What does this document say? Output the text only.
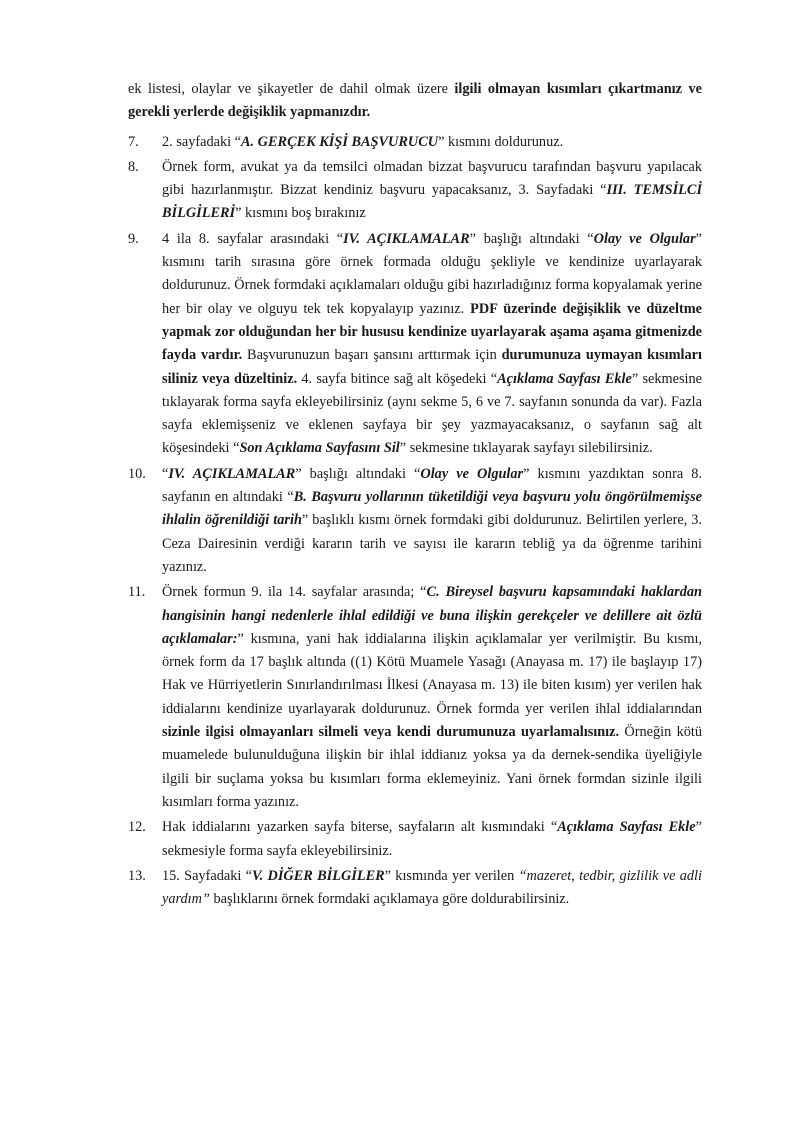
ek listesi, olaylar ve şikayetler de dahil olmak üzere ilgili olmayan kısımları çıkartmanız ve gerekli yerlerde değişiklik yapmanızdır.

7.	2. sayfadaki “A. GERÇEK KİŞİ BAŞVURUCU” kısmını doldurunuz.
8.	Örnek form, avukat ya da temsilci olmadan bizzat başvurucu tarafından başvuru yapılacak gibi hazırlanmıştır. Bizzat kendiniz başvuru yapacaksanız, 3. Sayfadaki “III. TEMSİLCİ BİLGİLERİ” kısmını boş bırakınız
9.	4 ila 8. sayfalar arasındaki “IV. AÇIKLAMALAR” başlığı altındaki “Olay ve Olgular” kısmını tarih sırasına göre örnek formada olduğu şekliyle ve kendinize uyarlayarak doldurunuz. Örnek formdaki açıklamaları olduğu gibi hazırladığınız forma kopyalamak yerine her bir olay ve olguyu tek tek kopyalayıp yazınız. PDF üzerinde değişiklik ve düzeltme yapmak zor olduğundan her bir hususu kendinize uyarlayarak aşama aşama gitmenizde fayda vardır. Başvurunuzun başarı şansını arttırmak için durumunuza uymayan kısımları siliniz veya düzeltiniz. 4. sayfa bitince sağ alt köşedeki “Açıklama Sayfası Ekle” sekmesine tıklayarak forma sayfa ekleyebilirsiniz (aynı sekme 5, 6 ve 7. sayfanın sonunda da var). Fazla sayfa eklemişseniz ve eklenen sayfaya bir şey yazmayacaksanız, o sayfanın sağ alt köşesindeki “Son Açıklama Sayfasını Sil” sekmesine tıklayarak sayfayı silebilirsiniz.
10.	“IV. AÇIKLAMALAR” başlığı altındaki “Olay ve Olgular” kısmını yazdıktan sonra 8. sayfanın en altındaki “B. Başvuru yollarının tüketildiği veya başvuru yolu öngörülmemişse ihlalin öğrenildiği tarih” başlıklı kısmı örnek formdaki gibi doldurunuz. Belirtilen yerlere, 3. Ceza Dairesinin verdiği kararın tarih ve sayısı ile kararın tebliğ ya da öğrenme tarihini yazınız.
11.	Örnek formun 9. ila 14. sayfalar arasında; “C. Bireysel başvuru kapsamındaki haklardan hangisinin hangi nedenlerle ihlal edildiği ve buna ilişkin gerekçeler ve delillere ait özlü açıklamalar:” kısmına, yani hak iddialarına ilişkin açıklamalar yer verilmiştir. Bu kısmı, örnek form da 17 başlık altında ((1) Kötü Muamele Yasağı (Anayasa m. 17) ile başlayıp 17) Hak ve Hürriyetlerin Sınırlandırılması İlkesi (Anayasa m. 13) ile biten kısım) yer verilen hak iddialarını kendinize uyarlayarak doldurunuz. Örnek formda yer verilen ihlal iddialarından sizinle ilgisi olmayanları silmeli veya kendi durumunuza uyarlamalısınız. Örneğin kötü muamelede bulunulduğuna ilişkin bir ihlal iddianız yoksa ya da dernek-sendika üyeliğiyle ilgili bir suçlama yoksa bu kısımları forma eklemeyiniz. Yani örnek formdan sizinle ilgili kısımları forma yazınız.
12.	Hak iddialarını yazarken sayfa biterse, sayfaların alt kısmındaki “Açıklama Sayfası Ekle” sekmesiyle forma sayfa ekleyebilirsiniz.
13.	15. Sayfadaki “V. DİĞER BİLGİLER” kısmında yer verilen “mazeret, tedbir, gizlilik ve adli yardım” başlıklarını örnek formdaki açıklamaya göre doldurabilirsiniz.
